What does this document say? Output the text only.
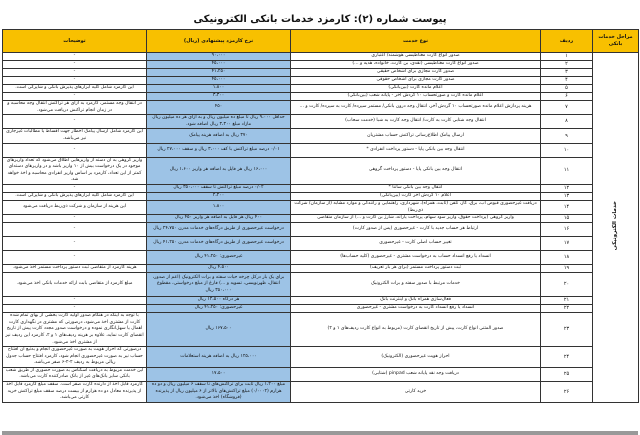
پیوست شماره (۲): کارمزد خدمات بانکی الکترونیکی
مراحل خدمات بانکی	ردیف	نوع خدمت	نرخ کارمزد پیشنهادی (ریال)	توضیحات
خدمات الکترونیکی	۱	صدور انواع کارت مغناطیسی هوشمند/ اعتباری	۹۰،۰۰۰	-
	۲	صدور انواع کارت مغناطیسی (نقدی، بن کارت، خانواده، هدیه و ...)	۴۵،۰۰۰	-
	۳	صدور کارت مجازی برای اشخاص حقیقی	۴۱،۲۵۰	-
	۴	صدور کارت مجازی برای اشخاص حقوقی	۴۵،۰۰۰	-
	۵	اعلام مانده کارت (بین‌بانکی)	۱،۸۰۰	این کارمزد شامل کلیه ابزارهای پذیرش بانکی و شاپرکی است.
	۶	اعلام مانده کارت و صورتحساب ۱۰ گردش آخر - پایانه شعب (بین‌بانکی)	۳،۳۰۰	-
	۷	هزینه پردازش اعلام مانده صورتحساب ۱۰ گردش آخر، انتقال وجه درون بانکی/ مستمر سپرده/ کارت به سپرده/ کارت و ...	۴۵۰	در انتقال وجه مستمر، کارمزد به ازای هر تراکنش انتقال وجه محاسبه و در زمان انجام تراکنش دریافت می‌شود.
	۸	انتقال وجه شتابی کارت به کارت/ انتقال وجه کارت به شبا (خدمت سحاب)	حداقل ۹،۰۰۰ ریال تا مبلغ ده میلیون ریال و به ازای هر ده میلیون ریال مازاد مبلغ ۳،۳۰۰ ریال اضافه شود.	-
	۹	ارسال پیامک اطلاع‌رسانی تراکنش حساب مشتریان	۳۷۰ ریال به اضافه هزینه پیامک	این کارمزد شامل ارسال پیامک اخطار جهت اقساط یا مطالبات غیرجاری نیز می‌باشد.
	۱۰	انتقال وجه بین بانکی پایا - دستور پرداخت انفرادی *	۰/۰۱ درصد مبلغ تراکنش با کف ۳،۰۰۰ ریال و سقف ۲۷،۰۰۰ ریال	-
	۱۱	انتقال وجه بین بانکی پایا - دستور پرداخت گروهی	۱۶،۰۰۰ ریال هر فایل به اضافه هر واریز ۱،۶۰۰ ریال	واریز گروهی به آن دسته از واریزهایی اطلاق می‌شود که تعداد واریزهای موجود در یک درخواست بیش از ۱۰ واریز باشد و در واریزهای دسته‌ای کمتر از این تعداد، کارمزد بر اساس واریز انفرادی محاسبه و اخذ خواهد شد.
	۱۲	انتقال وجه بین بانکی ساتنا *	۰/۰۲ درصد مبلغ تراکنش تا سقف ۳۵۰،۰۰۰ ریال	-
	۱۳	اعلام ۱۰ گردش آخر کارت (بین‌بانکی)	۲،۲۰۰	این کارمزد شامل کلیه ابزارهای پذیرش بانکی و شاپرکی است.
	۱۴	دریافت غیرحضوری قبوض آب، برق، گاز، تلفن (ثابت، همراه)، شهرداری، راهنمایی و رانندگی و موارد مشابه (از سازمان/ شرکت ذی‌ربط)	۱،۸۰۰	این هزینه از سازمان و شرکت ذی‌ربط دریافت می‌شود
	۱۵	واریز گروهی (پرداخت حقوق، واریز سود سهام، پرداخت یارانه، شارژ بن کارت و ...) از سازمان متقاضی	۴۰۰ ریال هر فایل به اضافه هر واریز ۴۵۰ ریال	-
	۱۶	ارتباط هر حساب جدید با کارت - غیرحضوری (پس از صدور کارت)	درخواست غیرحضوری از طریق درگاه‌های خدمات مدرن ۲۴،۷۵۰ ریال	-
	۱۷	تغییر حساب اصلی کارت - غیرحضوری	درخواست غیرحضوری از طریق درگاه‌های خدمات مدرن ۴۱،۲۵۰ ریال	-
	۱۸	انسداد یا رفع انسداد حساب به درخواست مشتری - غیرحضوری (کلیه حساب‌ها)	غیرحضوری: ۴۱،۲۵۰ ریال	-
	۱۹	ثبت دستور پرداخت مستمر (برای هر بار تعریف)	۴،۵۰۰ ریال	هزینه کارمزد از متقاضی ثبت دستور پرداخت مستمر اخذ می‌شود.
	۲۰	خدمات مرتبط با صدور سفته و برات الکترونیک	برای یک بار درکل چرخه حیات سفته و برات الکترونیک (اعم از صدور، انتقال، ظهرنویسی، تسویه و ...) فارغ از مبلغ درخواستی، مقطوع ۳۵۰،۰۰۰ ریال	مبلغ کارمزد از متقاضی بابت ارائه خدمات بانکی اخذ می‌شود.
	۲۱	فعال‌سازی همراه بانک و اینترنت بانک	هر درگاه ۱۲،۵۰۰ ریال	-
	۲۲	انسداد یا رفع انسداد کارت به درخواست مشتری - غیرحضوری	غیرحضوری: ۴۱،۲۵۰ ریال	-
	۲۳	صدور المثنی انواع کارت، پیش از تاریخ انقضای کارت (مربوط به انواع کارت ردیف‌های ۱ و ۲)	۱۶۷،۵۰۰ ریال	با توجه به اینکه در هنگام صدور اولیه کارت بخشی از بهای تمام شده کارت از مشتری اخذ می‌شود، درصورتی که مشتری در نگهداری کارت اهمال یا سهل‌انگاری نموده و درخواست صدور مجدد کارت پیش از تاریخ انقضای کارت نماید، علاوه بر هزینه ردیف‌های ۱ و ۲، کارمزد این ردیف نیز از مشتری اخذ می‌شود.
	۲۴	احراز هویت غیرحضوری (الکترونیک)	۱۲۵،۰۰۰ ریال به اضافه هزینه استعلامات	درصورتی که احراز هویت به صورت غیرحضوری انجام و به‌تبع آن افتتاح حساب نیز به صورت غیرحضوری انجام شود، کارمزد افتتاح حساب جدول ریالی مربوط به ردیف ۲-۲-۶ صفر می‌باشد.
	۲۵	دریافت وجه نقد پایانه شعب pinpad (شتابی)	۱۷،۵۰۰	این خدمت مربوط به دریافت اسکناس به صورت حضوری از طریق شعب بانکی سایر بانک‌های غیر از بانک صادرکننده کارت می‌باشد.
	۲۶	خرید کارتی	مبلغ ۱،۲۰۰ ریال ثابت برای تراکنش‌های تا سقف ۶ میلیون ریال و دو ده هزارم (۰/۰۰۰۲) مبلغ تراکنش‌های بالاتر از ۶ میلیون ریال از پذیرنده (فروشگاه) اخذ می‌شود.	کارمزد قابل اخذ از دارنده کارت صفر است. سقف مبلغ کارمزد قابل اخذ از پذیرنده معادل دو ده هزارم از بیست درصد سقف مبلغ تراکنش خرید کارتی می‌باشد.
